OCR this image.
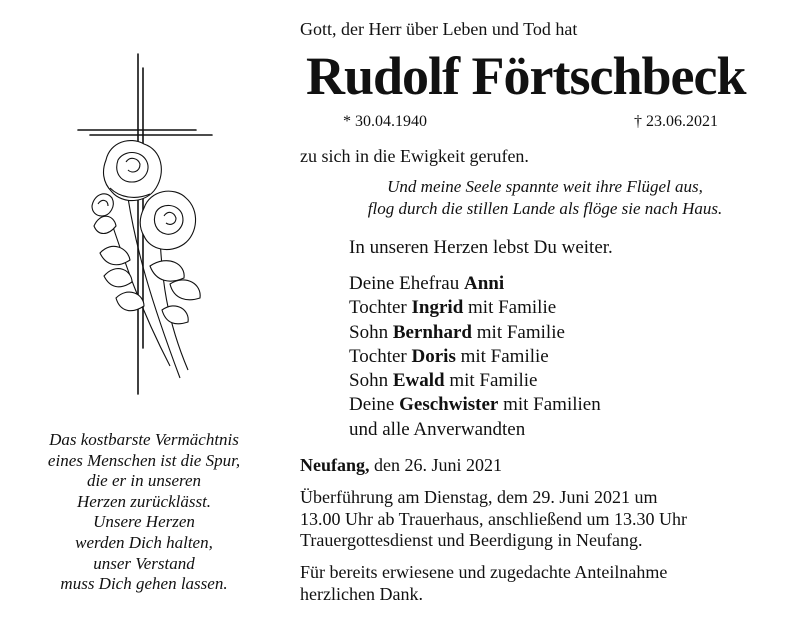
Das kostbarste Vermächtnis
eines Menschen ist die Spur,
die er in unseren
Herzen zurücklässt.
Unsere Herzen
werden Dich halten,
unser Verstand
muss Dich gehen lassen.
Gott, der Herr über Leben und Tod hat
Rudolf Förtschbeck
* 30.04.1940	† 23.06.2021
zu sich in die Ewigkeit gerufen.
Und meine Seele spannte weit ihre Flügel aus,
flog durch die stillen Lande als flöge sie nach Haus.
In unseren Herzen lebst Du weiter.
Deine Ehefrau Anni
Tochter Ingrid mit Familie
Sohn Bernhard mit Familie
Tochter Doris mit Familie
Sohn Ewald mit Familie
Deine Geschwister mit Familien
und alle Anverwandten
Neufang, den 26. Juni 2021
Überführung am Dienstag, dem 29. Juni 2021 um
13.00 Uhr ab Trauerhaus, anschließend um 13.30 Uhr
Trauergottesdienst und Beerdigung in Neufang.
Für bereits erwiesene und zugedachte Anteilnahme
herzlichen Dank.
